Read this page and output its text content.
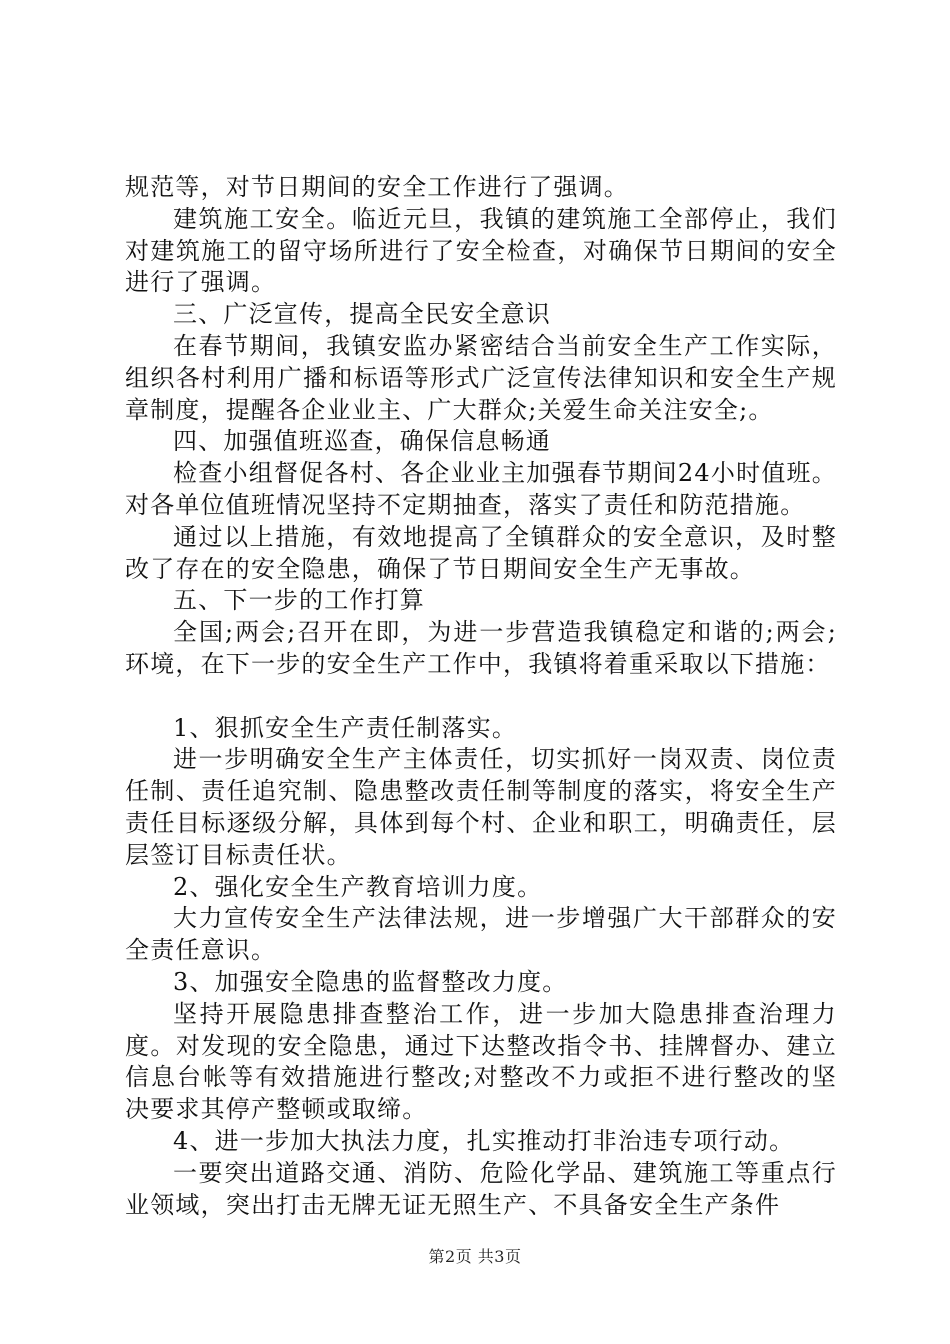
规范等，对节日期间的安全工作进行了强调。

建筑施工安全。临近元旦，我镇的建筑施工全部停止，我们对建筑施工的留守场所进行了安全检查，对确保节日期间的安全进行了强调。

三、广泛宣传，提高全民安全意识

在春节期间，我镇安监办紧密结合当前安全生产工作实际，组织各村利用广播和标语等形式广泛宣传法律知识和安全生产规章制度，提醒各企业业主、广大群众;关爱生命关注安全;。

四、加强值班巡查，确保信息畅通

检查小组督促各村、各企业业主加强春节期间24小时值班。对各单位值班情况坚持不定期抽查，落实了责任和防范措施。

通过以上措施，有效地提高了全镇群众的安全意识，及时整改了存在的安全隐患，确保了节日期间安全生产无事故。

五、下一步的工作打算

全国;两会;召开在即，为进一步营造我镇稳定和谐的;两会;环境，在下一步的安全生产工作中，我镇将着重采取以下措施：

1、狠抓安全生产责任制落实。

进一步明确安全生产主体责任，切实抓好一岗双责、岗位责任制、责任追究制、隐患整改责任制等制度的落实，将安全生产责任目标逐级分解，具体到每个村、企业和职工，明确责任，层层签订目标责任状。

2、强化安全生产教育培训力度。

大力宣传安全生产法律法规，进一步增强广大干部群众的安全责任意识。

3、加强安全隐患的监督整改力度。

坚持开展隐患排查整治工作，进一步加大隐患排查治理力度。对发现的安全隐患，通过下达整改指令书、挂牌督办、建立信息台帐等有效措施进行整改;对整改不力或拒不进行整改的坚决要求其停产整顿或取缔。

4、进一步加大执法力度，扎实推动打非治违专项行动。

一要突出道路交通、消防、危险化学品、建筑施工等重点行业领域，突出打击无牌无证无照生产、不具备安全生产条件

第2页 共3页
